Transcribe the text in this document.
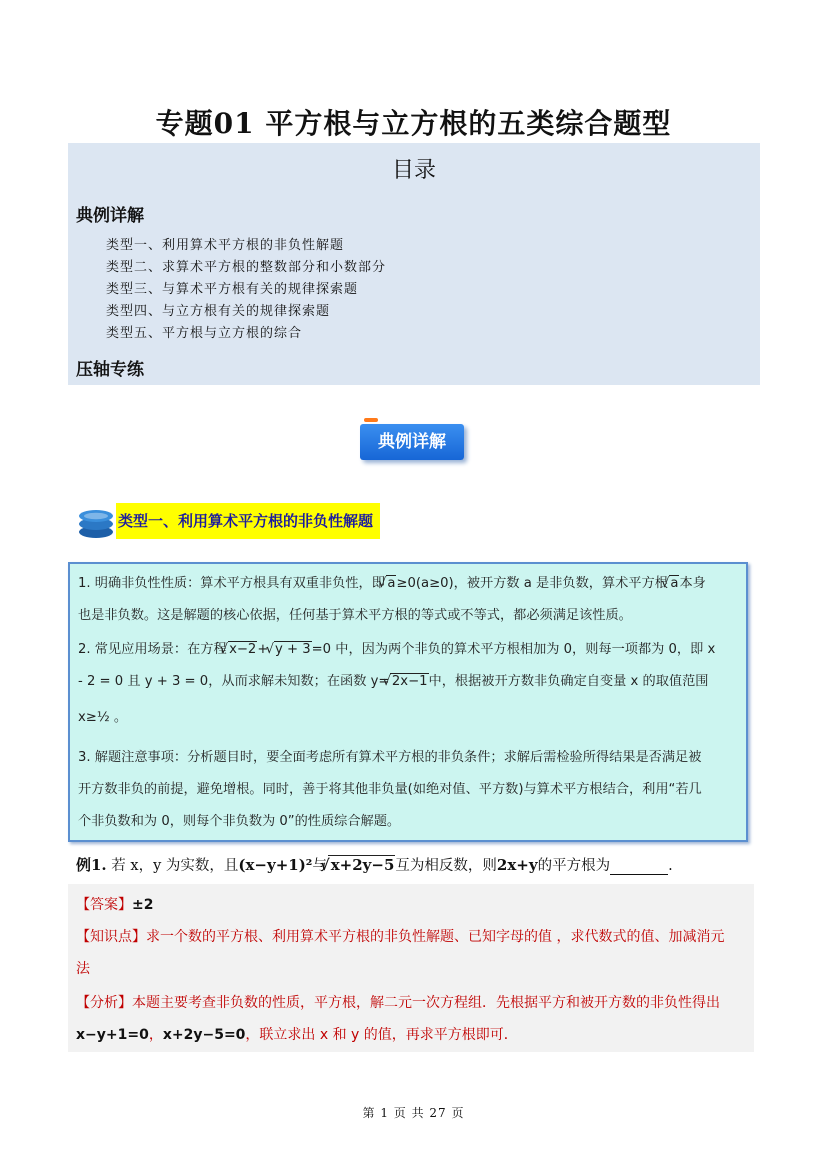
专题01 平方根与立方根的五类综合题型
目录
典例详解
类型一、利用算术平方根的非负性解题
类型二、求算术平方根的整数部分和小数部分
类型三、与算术平方根有关的规律探索题
类型四、与立方根有关的规律探索题
类型五、平方根与立方根的综合
压轴专练
典例详解
类型一、利用算术平方根的非负性解题
1. 明确非负性性质：算术平方根具有双重非负性，即 √ a≥0(a≥0)，被开方数 a 是非负数，算术平方根 √ a本身
也是非负数。这是解题的核心依据，任何基于算术平方根的等式或不等式，都必须满足该性质。
2. 常见应用场景：在方程 √ x−2+ √ y + 3=0 中，因为两个非负的算术平方根相加为 0，则每一项都为 0，即 x
- 2 = 0 且 y + 3 = 0，从而求解未知数；在函数 y= √ 2x−1中，根据被开方数非负确定自变量 x 的取值范围
x≥½ 。
3. 解题注意事项：分析题目时，要全面考虑所有算术平方根的非负条件；求解后需检验所得结果是否满足被
开方数非负的前提，避免增根。同时，善于将其他非负量(如绝对值、平方数)与算术平方根结合，利用“若几
个非负数和为 0，则每个非负数为 0”的性质综合解题。
例1. 若 x，y 为实数，且(x−y+1)²与 √ x+2y−5互为相反数，则2x+y的平方根为	.
【答案】±2
【知识点】求一个数的平方根、利用算术平方根的非负性解题、已知字母的值 ，求代数式的值、加减消元
法
【分析】本题主要考查非负数的性质，平方根，解二元一次方程组．先根据平方和被开方数的非负性得出
x−y+1=0，x+2y−5=0，联立求出 x 和 y 的值，再求平方根即可．
第 1 页 共 27 页
